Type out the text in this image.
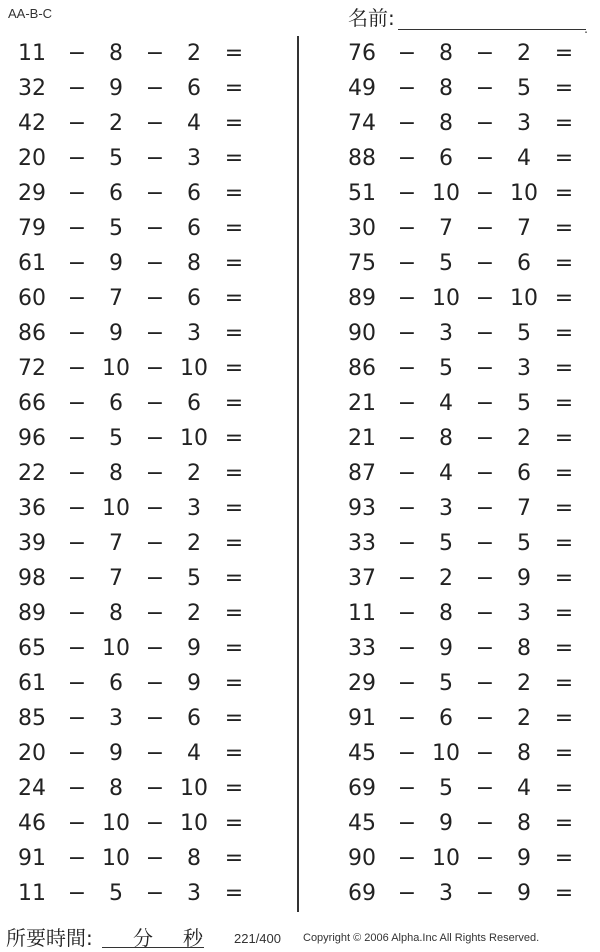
AA-B-C	名前:	.
11 −	8	−	2	=
32 −	9	−	6	=
42 −	2	−	4	=
20 −	5	−	3	=
29 −	6	−	6	=
79 −	5	−	6	=
61 −	9	−	8	=
60 −	7	−	6	=
86 −	9	−	3	=
72 − 10 − 10 =
66 −	6	−	6	=
96 −	5	− 10 =
22 −	8	−	2	=
36 − 10 −	3	=
39 −	7	−	2	=
98 −	7	−	5	=
89 −	8	−	2	=
65 − 10 −	9	=
61 −	6	−	9	=
85 −	3	−	6	=
20 −	9	−	4	=
24 −	8	− 10 =
46 − 10 − 10 =
91 − 10 −	8	=
11 −	5	−	3	=
76 −	8	−	2	=
49 −	8	−	5	=
74 −	8	−	3	=
88 −	6	−	4	=
51 − 10 − 10 =
30 −	7	−	7	=
75 −	5	−	6	=
89 − 10 − 10 =
90 −	3	−	5	=
86 −	5	−	3	=
21 −	4	−	5	=
21 −	8	−	2	=
87 −	4	−	6	=
93 −	3	−	7	=
33 −	5	−	5	=
37 −	2	−	9	=
11 −	8	−	3	=
33 −	9	−	8	=
29 −	5	−	2	=
91 −	6	−	2	=
45 − 10 −	8	=
69 −	5	−	4	=
45 −	9	−	8	=
90 − 10 −	9	=
69 −	3	−	9	=
所要時間: 分 秒 221/400 Copyright © 2006 Alpha.Inc All Rights Reserved.
